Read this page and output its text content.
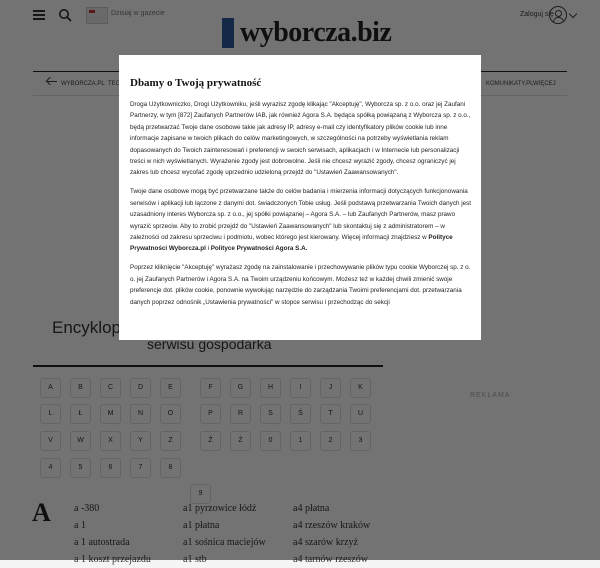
Dbamy o Twoją prywatność

Droga Użytkowniczko, Drogi Użytkowniku, jeśli wyrazisz zgodę klikając "Akceptuję", Wyborcza sp. z o.o. oraz jej Zaufani Partnerzy, w tym [872] Zaufanych Partnerów IAB, jak również Agora S.A. będąca spółką powiązaną z Wyborcza sp. z o.o., będą przetwarzać Twoje dane osobowe takie jak adresy IP, adresy e-mail czy identyfikatory plików cookie lub inne informacje zapisane w twoich plikach do celów marketingowych, w szczególności na potrzeby wyświetlania reklam dopasowanych do Twoich zainteresowań i preferencji w swoich serwisach, aplikacjach i w Internecie lub personalizacji treści w nich wyświetlanych. Wyrażenie zgody jest dobrowolne. Jeśli nie chcesz wyrazić zgody, chcesz ograniczyć jej zakres lub chcesz wycofać zgodę uprzednio udzieloną przejdź do "Ustawień Zaawansowanych".

Twoje dane osobowe mogą być przetwarzane także do celów badania i mierzenia informacji dotyczących funkcjonowania serwisów i aplikacji lub łączone z danymi dot. świadczonych Tobie usług. Jeśli podstawą przetwarzania Twoich danych jest uzasadniony interes Wyborcza sp. z o.o., jej spółki powiązanej – Agora S.A. – lub Zaufanych Partnerów, masz prawo wyrazić sprzeciw. Aby to zrobić przejdź do "Ustawień Zaawansowanych" lub skontaktuj się z administratorem – w zależności od zakresu sprzeciwu i podmiotu, wobec którego jest kierowany. Więcej informacji znajdziesz w Polityce Prywatności Wyborcza.pl i Polityce Prywatności Agora S.A.

Poprzez kliknięcie "Akceptuję" wyrażasz zgodę na zainstalowanie i przechowywanie plików typu cookie Wyborczej sp. z o. o. jej Zaufanych Partnerów i Agora S.A. na Twoim urządzeniu końcowym. Możesz też w każdej chwili zmienić swoje preferencje dot. plików cookie, ponownie wywołując narzędzie do zarządzania Twoimi preferencjami dot. przetwarzania danych poprzez odnośnik „Ustawienia prywatności" w stopce serwisu i przechodząc do sekcji
